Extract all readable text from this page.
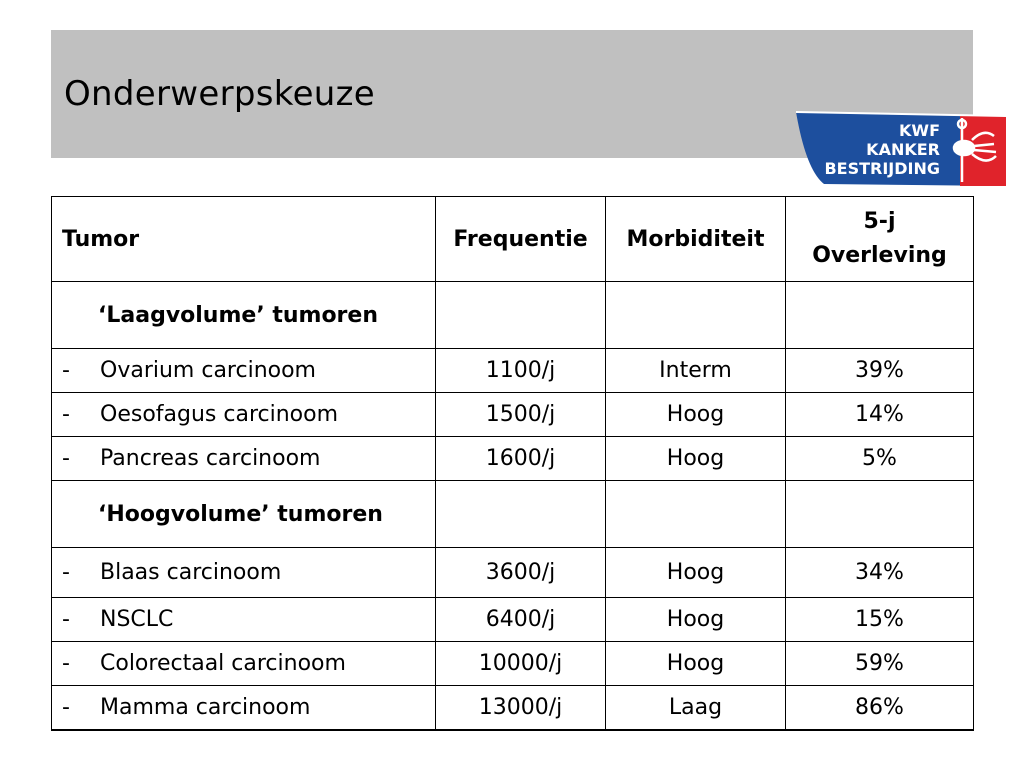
Onderwerpskeuze
KWF
KANKER
BESTRIJDING
Tumor	Frequentie	Morbiditeit	5-j
Overleving
‘Laagvolume’ tumoren			
- Ovarium carcinoom	1100/j	Interm	39%
- Oesofagus carcinoom	1500/j	Hoog	14%
- Pancreas carcinoom	1600/j	Hoog	5%
‘Hoogvolume’ tumoren			
- Blaas carcinoom	3600/j	Hoog	34%
- NSCLC	6400/j	Hoog	15%
- Colorectaal carcinoom	10000/j	Hoog	59%
- Mamma carcinoom	13000/j	Laag	86%
